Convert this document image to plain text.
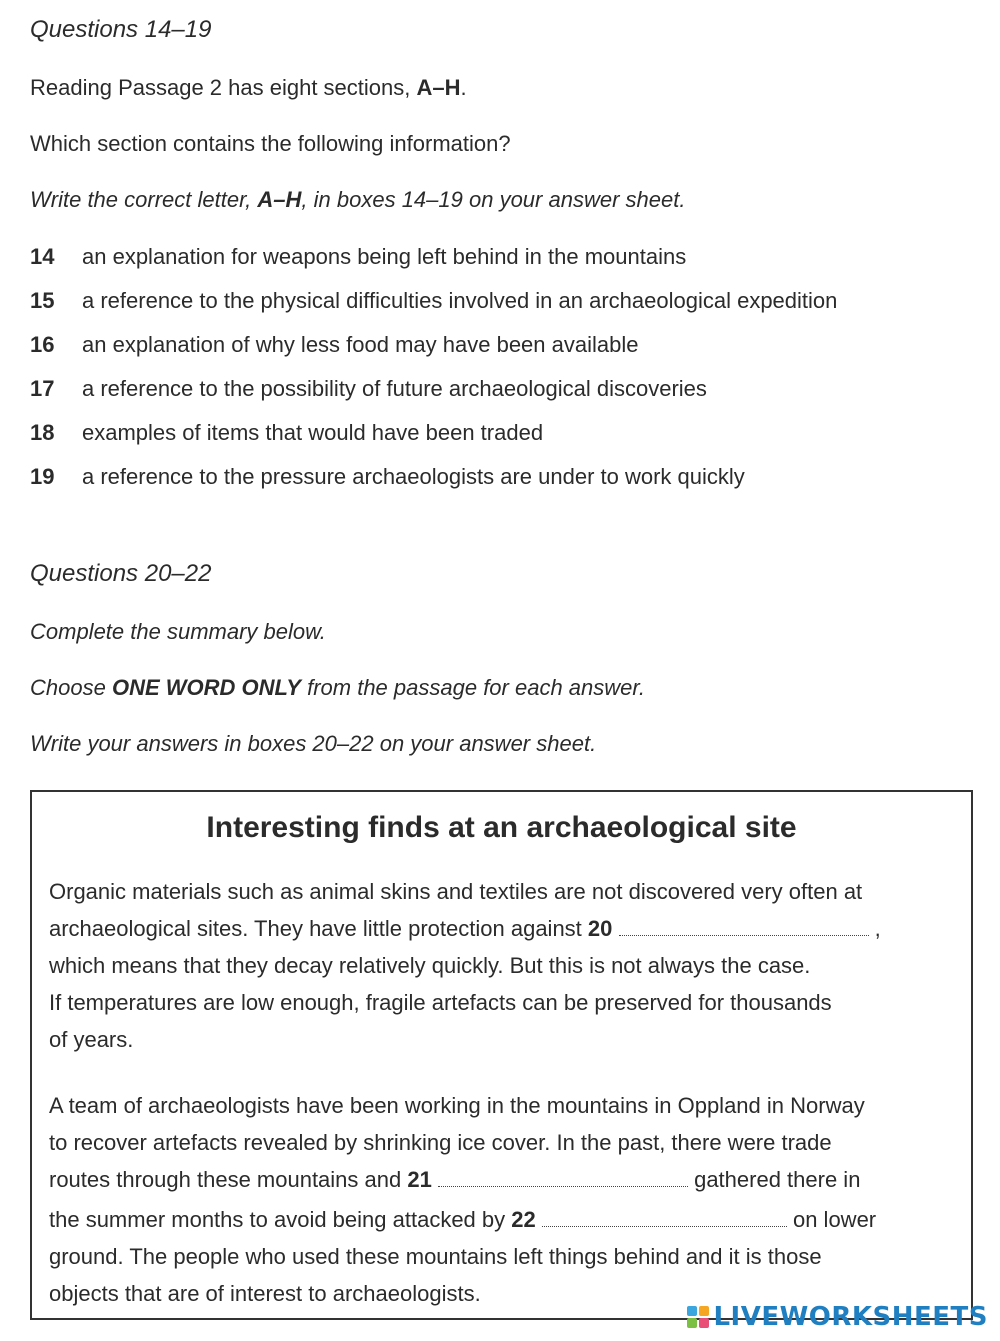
Questions 14–19
Reading Passage 2 has eight sections, A–H.
Which section contains the following information?
Write the correct letter, A–H, in boxes 14–19 on your answer sheet.
14 an explanation for weapons being left behind in the mountains
15 a reference to the physical difficulties involved in an archaeological expedition
16 an explanation of why less food may have been available
17 a reference to the possibility of future archaeological discoveries
18 examples of items that would have been traded
19 a reference to the pressure archaeologists are under to work quickly
Questions 20–22
Complete the summary below.
Choose ONE WORD ONLY from the passage for each answer.
Write your answers in boxes 20–22 on your answer sheet.
Interesting finds at an archaeological site
Organic materials such as animal skins and textiles are not discovered very often at
archaeological sites. They have little protection against 20	,
which means that they decay relatively quickly. But this is not always the case.
If temperatures are low enough, fragile artefacts can be preserved for thousands
of years.
A team of archaeologists have been working in the mountains in Oppland in Norway
to recover artefacts revealed by shrinking ice cover. In the past, there were trade
routes through these mountains and 21	gathered there in
the summer months to avoid being attacked by 22	on lower
ground. The people who used these mountains left things behind and it is those
objects that are of interest to archaeologists.
LIVEWORKSHEETS
